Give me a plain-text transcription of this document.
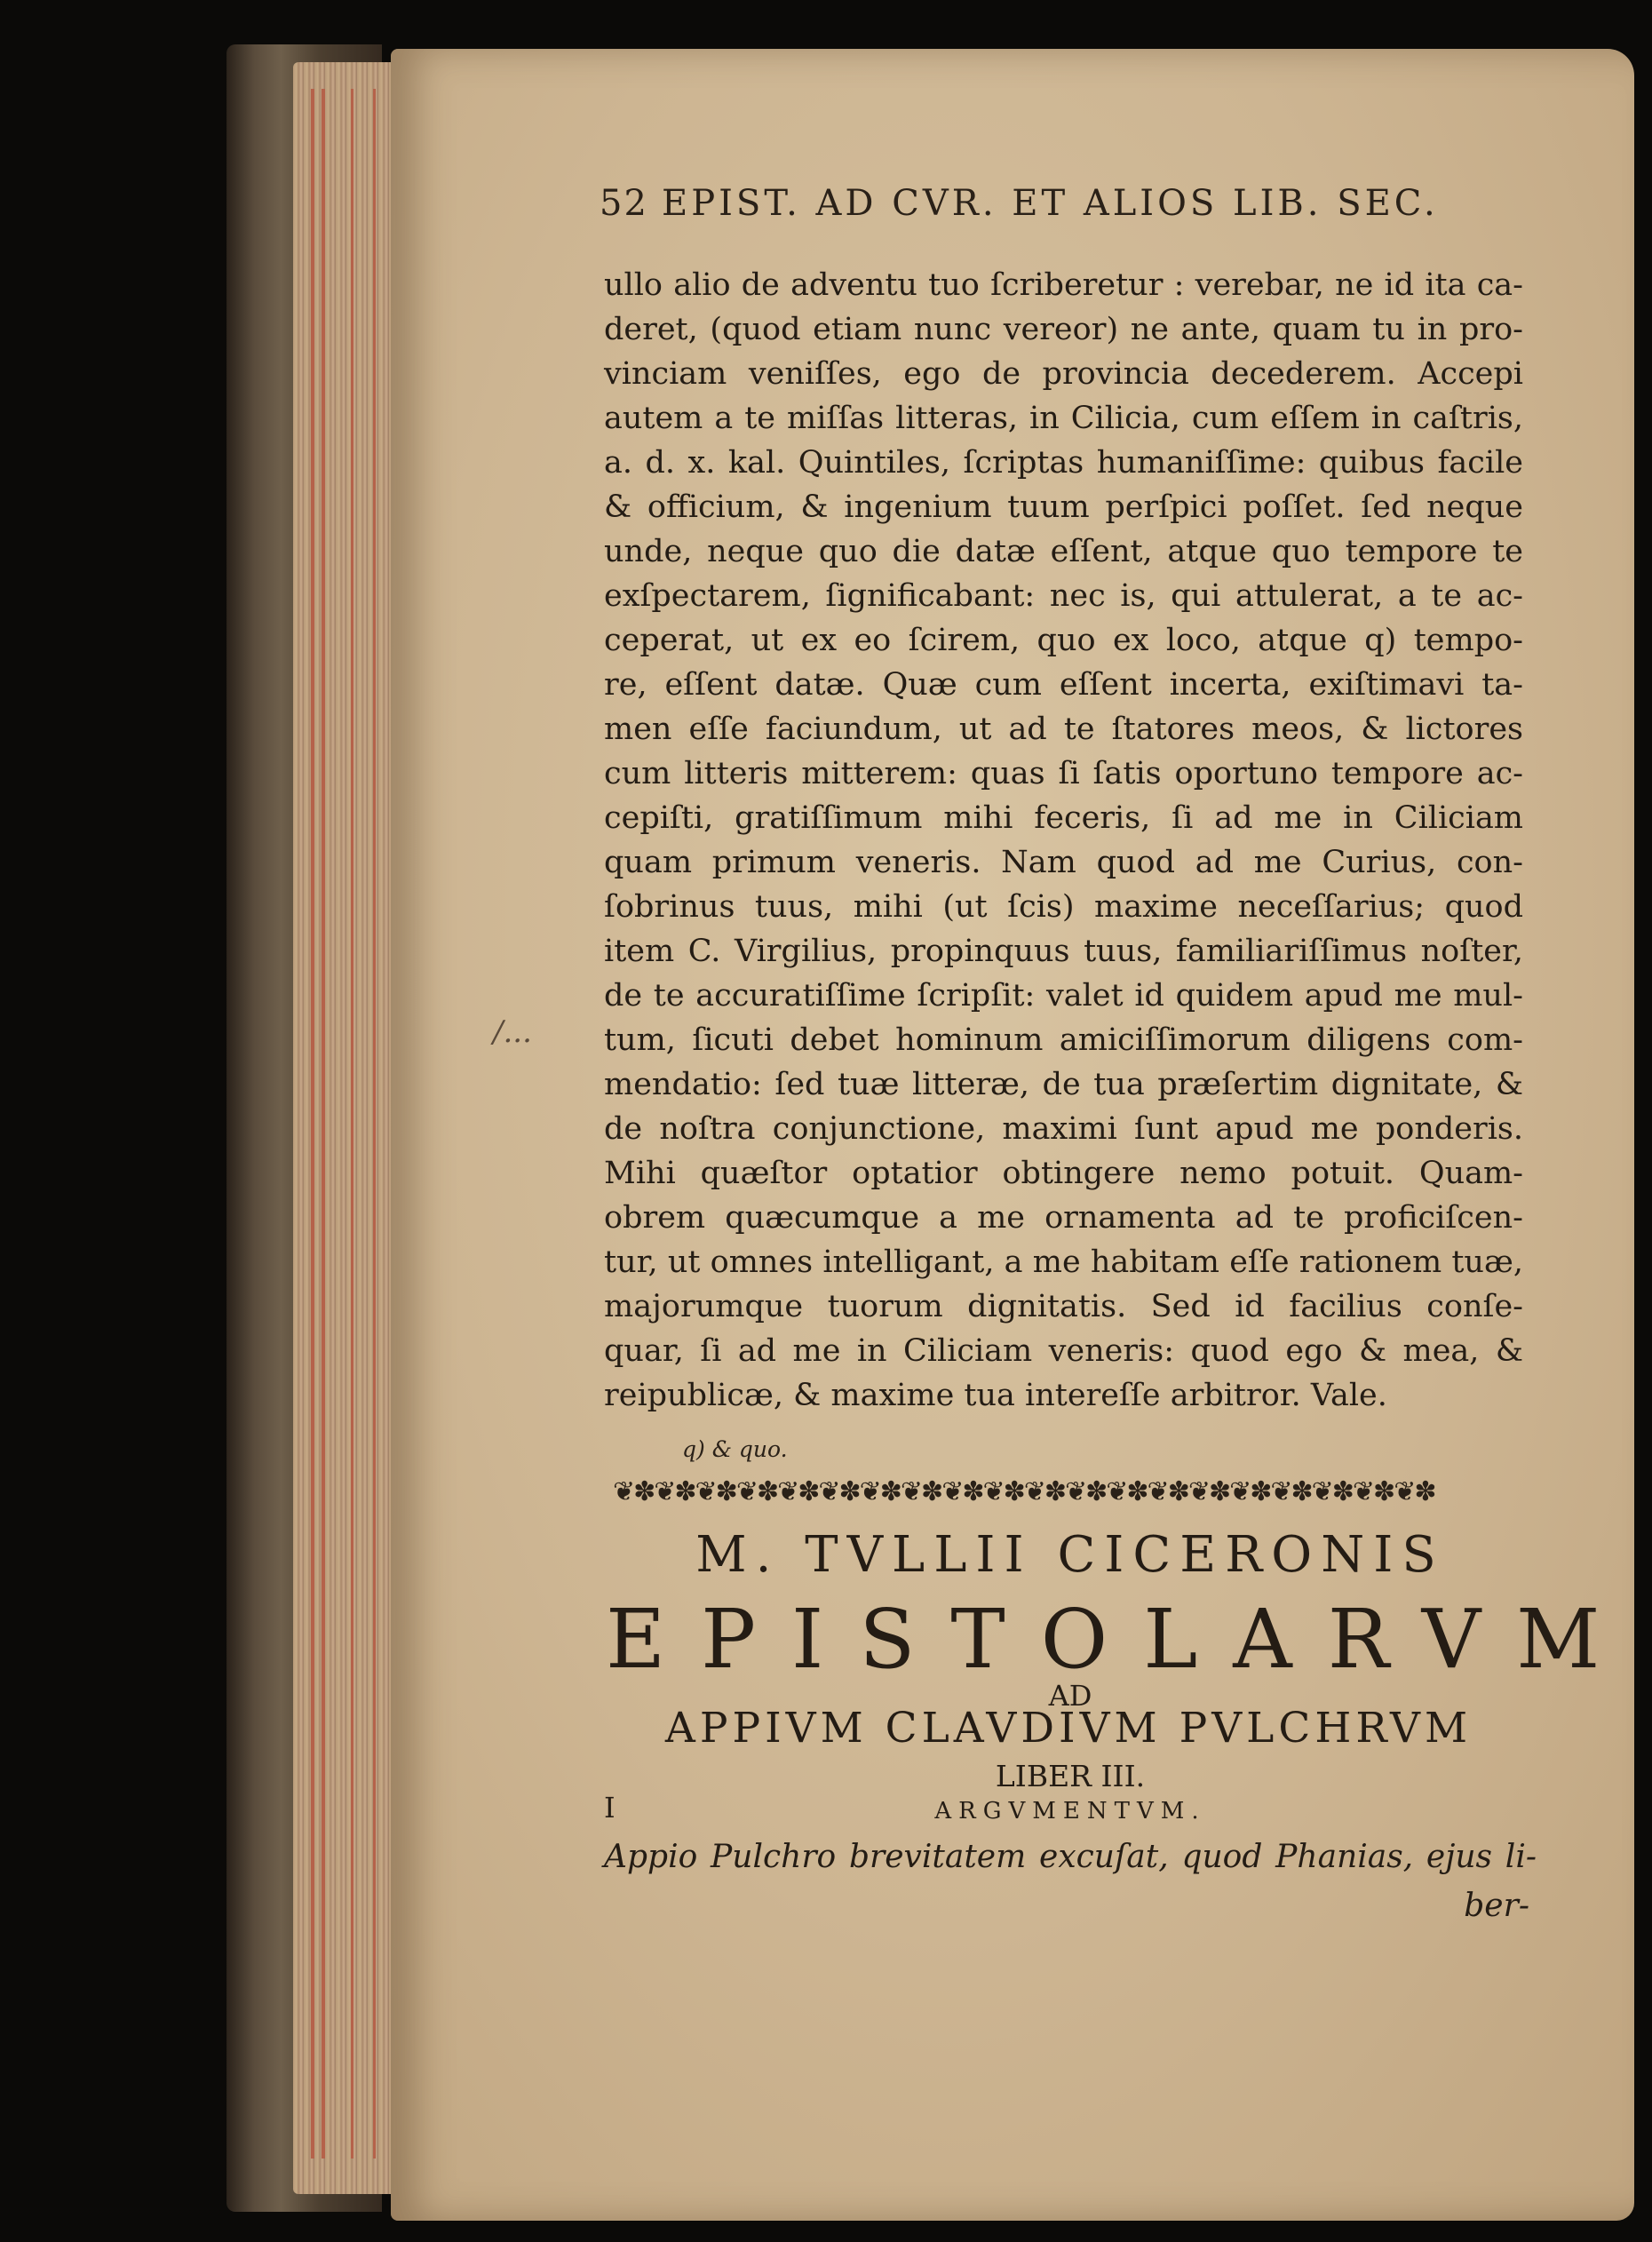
52 EPIST. AD CVR. ET ALIOS LIB. SEC.
ullo alio de adventu tuo ſcriberetur : verebar, ne id ita ca-
deret, (quod etiam nunc vereor) ne ante, quam tu in pro-
vinciam veniſſes, ego de provincia decederem. Accepi
autem a te miſſas litteras, in Cilicia, cum eſſem in caſtris,
a. d. x. kal. Quintiles, ſcriptas humaniſſime: quibus facile
& officium, & ingenium tuum perſpici poſſet. ſed neque
unde, neque quo die datæ eſſent, atque quo tempore te
exſpectarem, ſignificabant: nec is, qui attulerat, a te ac-
ceperat, ut ex eo ſcirem, quo ex loco, atque q) tempo-
re, eſſent datæ. Quæ cum eſſent incerta, exiſtimavi ta-
men eſſe faciundum, ut ad te ſtatores meos, & lictores
cum litteris mitterem: quas ſi ſatis oportuno tempore ac-
cepiſti, gratiſſimum mihi feceris, ſi ad me in Ciliciam
quam primum veneris. Nam quod ad me Curius, con-
ſobrinus tuus, mihi (ut ſcis) maxime neceſſarius; quod
item C. Virgilius, propinquus tuus, familiariſſimus noſter,
de te accuratiſſime ſcripſit: valet id quidem apud me mul-
tum, ſicuti debet hominum amiciſſimorum diligens com-
mendatio: ſed tuæ litteræ, de tua præſertim dignitate, &
de noſtra conjunctione, maximi ſunt apud me ponderis.
Mihi quæſtor optatior obtingere nemo potuit. Quam-
obrem quæcumque a me ornamenta ad te proficiſcen-
tur, ut omnes intelligant, a me habitam eſſe rationem tuæ,
majorumque tuorum dignitatis. Sed id facilius conſe-
quar, ſi ad me in Ciliciam veneris: quod ego & mea, &
reipublicæ, & maxime tua intereſſe arbitror. Vale.
/...
q) & quo.
❦✽❦✽❦✽❦✽❦✽❦✽❦✽❦✽❦✽❦✽❦✽❦✽❦✽❦✽❦✽❦✽❦✽❦✽❦✽❦✽
M. TVLLII CICERONIS
EPISTOLARVM
AD
APPIVM CLAVDIVM PVLCHRVM
LIBER III.
I	ARGVMENTVM.
Appio Pulchro brevitatem excuſat, quod Phanias, ejus li-
ber-
